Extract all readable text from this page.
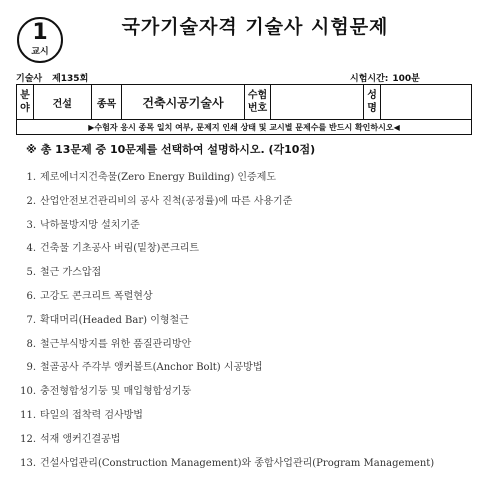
1
교시
국가기술자격 기술사 시험문제
기술사 제135회	시험시간: 100분
분야	건설	종목	건축시공기술사	수험번호		성명	
▶수험자 응시 종목 일치 여부, 문제지 인쇄 상태 및 교시별 문제수를 반드시 확인하시오◀
※ 총 13문제 중 10문제를 선택하여 설명하시오. (각10점)
1. 제로에너지건축물(Zero Energy Building) 인증제도
2. 산업안전보건관리비의 공사 진척(공정률)에 따른 사용기준
3. 낙하물방지망 설치기준
4. 건축물 기초공사 버림(밑창)콘크리트
5. 철근 가스압접
6. 고강도 콘크리트 폭렬현상
7. 확대머리(Headed Bar) 이형철근
8. 철근부식방지를 위한 품질관리방안
9. 철골공사 주각부 앵커볼트(Anchor Bolt) 시공방법
10. 충전형합성기둥 및 매입형합성기둥
11. 타일의 접착력 검사방법
12. 석재 앵커긴결공법
13. 건설사업관리(Construction Management)와 종합사업관리(Program Management)
